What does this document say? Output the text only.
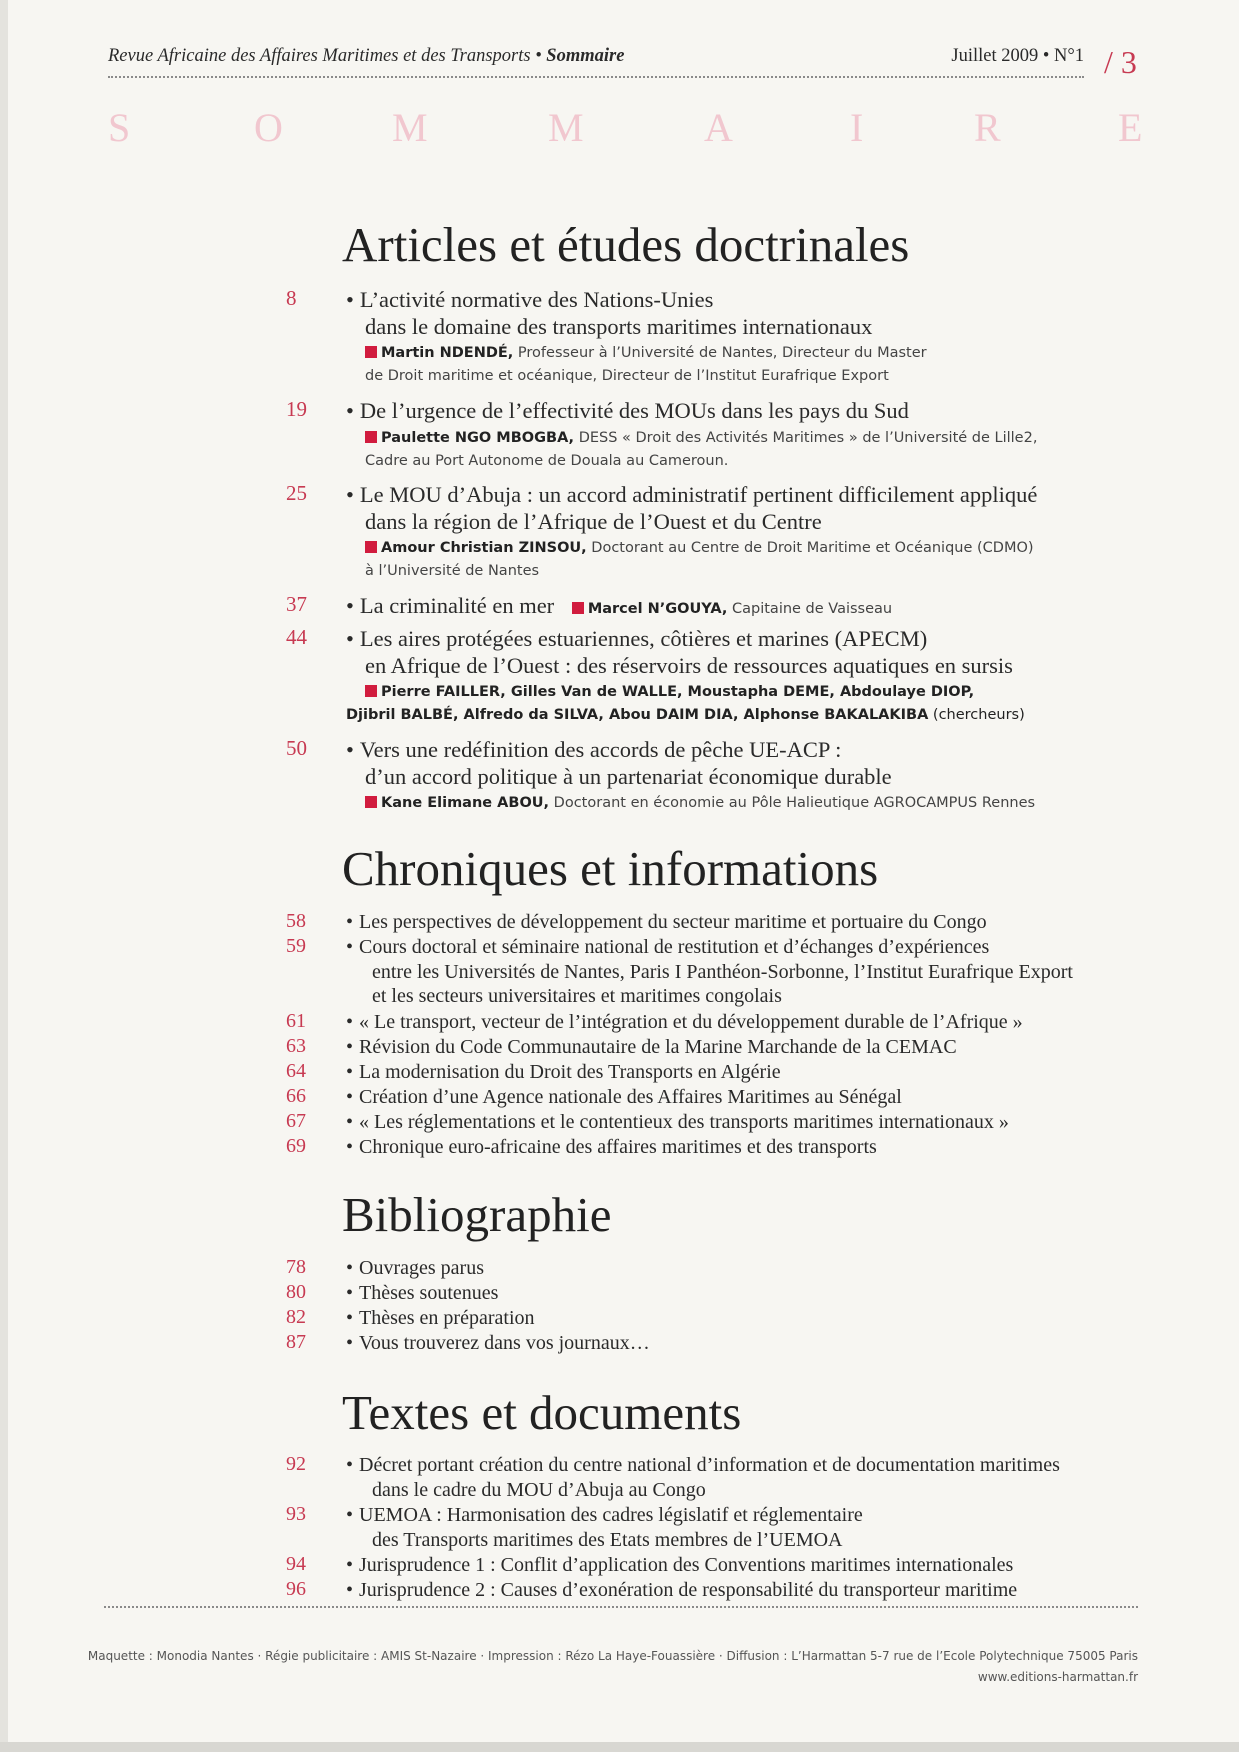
Revue Africaine des Affaires Maritimes et des Transports • Sommaire	Juillet 2009 • N°1 / 3
S	O	M	M	A	I	R	E
Articles et études doctrinales
8	• L’activité normative des Nations-Unies
dans le domaine des transports maritimes internationaux
Martin NDENDÉ, Professeur à l’Université de Nantes, Directeur du Master
de Droit maritime et océanique, Directeur de l’Institut Eurafrique Export
19	• De l’urgence de l’effectivité des MOUs dans les pays du Sud
Paulette NGO MBOGBA, DESS « Droit des Activités Maritimes » de l’Université de Lille2,
Cadre au Port Autonome de Douala au Cameroun.
25	• Le MOU d’Abuja : un accord administratif pertinent difficilement appliqué
dans la région de l’Afrique de l’Ouest et du Centre
Amour Christian ZINSOU, Doctorant au Centre de Droit Maritime et Océanique (CDMO)
à l’Université de Nantes
37	• La criminalité en mer Marcel N’GOUYA, Capitaine de Vaisseau
44	• Les aires protégées estuariennes, côtières et marines (APECM)
en Afrique de l’Ouest : des réservoirs de ressources aquatiques en sursis
Pierre FAILLER, Gilles Van de WALLE, Moustapha DEME, Abdoulaye DIOP,
Djibril BALBÉ, Alfredo da SILVA, Abou DAIM DIA, Alphonse BAKALAKIBA (chercheurs)
50	• Vers une redéfinition des accords de pêche UE-ACP :
d’un accord politique à un partenariat économique durable
Kane Elimane ABOU, Doctorant en économie au Pôle Halieutique AGROCAMPUS Rennes
Chroniques et informations
58	• Les perspectives de développement du secteur maritime et portuaire du Congo
59	• Cours doctoral et séminaire national de restitution et d’échanges d’expériences
entre les Universités de Nantes, Paris I Panthéon-Sorbonne, l’Institut Eurafrique Export
et les secteurs universitaires et maritimes congolais
61	• « Le transport, vecteur de l’intégration et du développement durable de l’Afrique »
63	• Révision du Code Communautaire de la Marine Marchande de la CEMAC
64	• La modernisation du Droit des Transports en Algérie
66	• Création d’une Agence nationale des Affaires Maritimes au Sénégal
67	• « Les réglementations et le contentieux des transports maritimes internationaux »
69	• Chronique euro-africaine des affaires maritimes et des transports
Bibliographie
78	• Ouvrages parus
80	• Thèses soutenues
82	• Thèses en préparation
87	• Vous trouverez dans vos journaux…
Textes et documents
92	• Décret portant création du centre national d’information et de documentation maritimes
dans le cadre du MOU d’Abuja au Congo
93	• UEMOA : Harmonisation des cadres législatif et réglementaire
des Transports maritimes des Etats membres de l’UEMOA
94	• Jurisprudence 1 : Conflit d’application des Conventions maritimes internationales
96	• Jurisprudence 2 : Causes d’exonération de responsabilité du transporteur maritime
Maquette : Monodia Nantes · Régie publicitaire : AMIS St-Nazaire · Impression : Rézo La Haye-Fouassière · Diffusion : L’Harmattan 5-7 rue de l’Ecole Polytechnique 75005 Paris
www.editions-harmattan.fr
